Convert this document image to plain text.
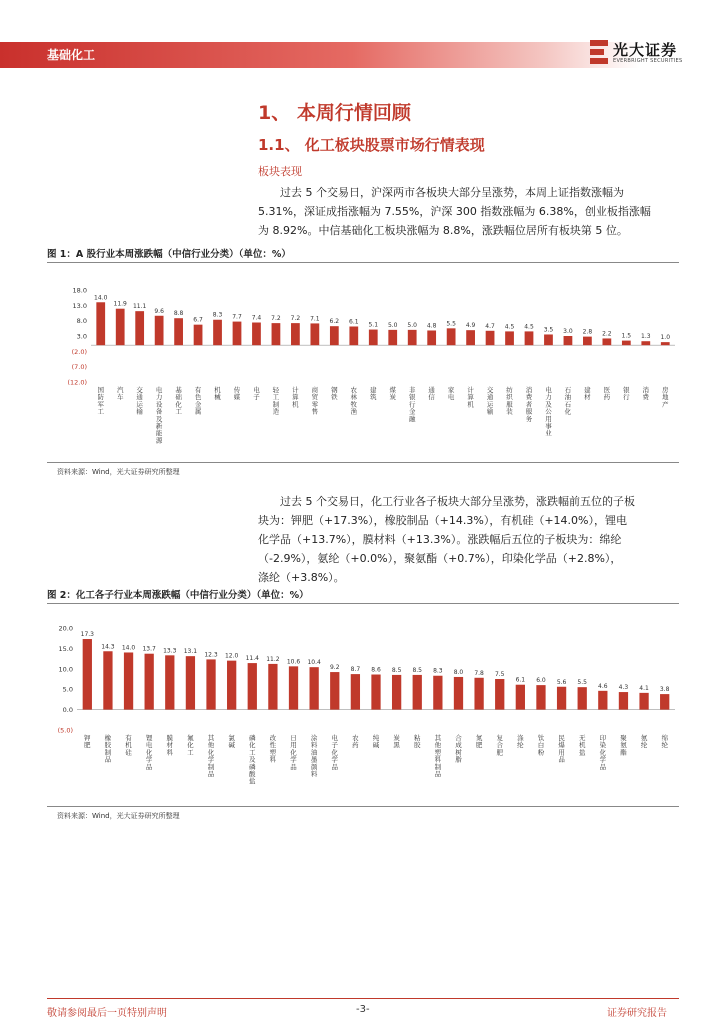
基础化工	光大证券
EVERBRIGHT SECURITIES
1、 本周行情回顾
1.1、 化工板块股票市场行情表现
板块表现
过去 5 个交易日，沪深两市各板块大部分呈涨势，本周上证指数涨幅为
5.31%，深证成指涨幅为 7.55%，沪深 300 指数涨幅为 6.38%，创业板指涨幅
为 8.92%。中信基础化工板块涨幅为 8.8%，涨跌幅位居所有板块第 5 位。
图 1：A 股行业本周涨跌幅（中信行业分类）（单位：%）
18.0
13.0
8.0
3.0
(2.0)
(7.0)
(12.0)
14.0
国防军工
11.9
汽车
11.1
交通运输
9.6
电力设备及新能源
8.8
基础化工
6.7
有色金属
8.3
机械
7.7
传媒
7.4
电子
7.2
轻工制造
7.2
计算机
7.1
商贸零售
6.2
钢铁
6.1
农林牧渔
5.1
建筑
5.0
煤炭
5.0
非银行金融
4.8
通信
5.5
家电
4.9
计算机
4.7
交通运输
4.5
纺织服装
4.5
消费者服务
3.5
电力及公用事业
3.0
石油石化
2.8
建材
2.2
医药
1.5
银行
1.3
消费
1.0
房地产
资料来源：Wind，光大证券研究所整理
过去 5 个交易日，化工行业各子板块大部分呈涨势，涨跌幅前五位的子板
块为：钾肥（+17.3%），橡胶制品（+14.3%），有机硅（+14.0%），锂电
化学品（+13.7%），膜材料（+13.3%）。涨跌幅后五位的子板块为：绵纶
（-2.9%），氨纶（+0.0%），聚氨酯（+0.7%），印染化学品（+2.8%），
涤纶（+3.8%）。
图 2：化工各子行业本周涨跌幅（中信行业分类）（单位：%）
20.0
15.0
10.0
5.0
0.0
(5.0)
17.3
钾肥
14.3
橡胶制品
14.0
有机硅
13.7
锂电化学品
13.3
膜材料
13.1
氟化工
12.3
其他化学制品
12.0
氯碱
11.4
磷化工及磷酸盐
11.2
改性塑料
10.6
日用化学品
10.4
涂料油墨颜料
9.2
电子化学品
8.7
农药
8.6
纯碱
8.5
炭黑
8.5
粘胶
8.3
其他塑料制品
8.0
合成树脂
7.8
氮肥
7.5
复合肥
6.1
涤纶
6.0
钛白粉
5.6
民爆用品
5.5
无机盐
4.6
印染化学品
4.3
聚氨酯
4.1
氨纶
3.8
绵纶
资料来源：Wind，光大证券研究所整理
敬请参阅最后一页特别声明	-3-	证券研究报告
